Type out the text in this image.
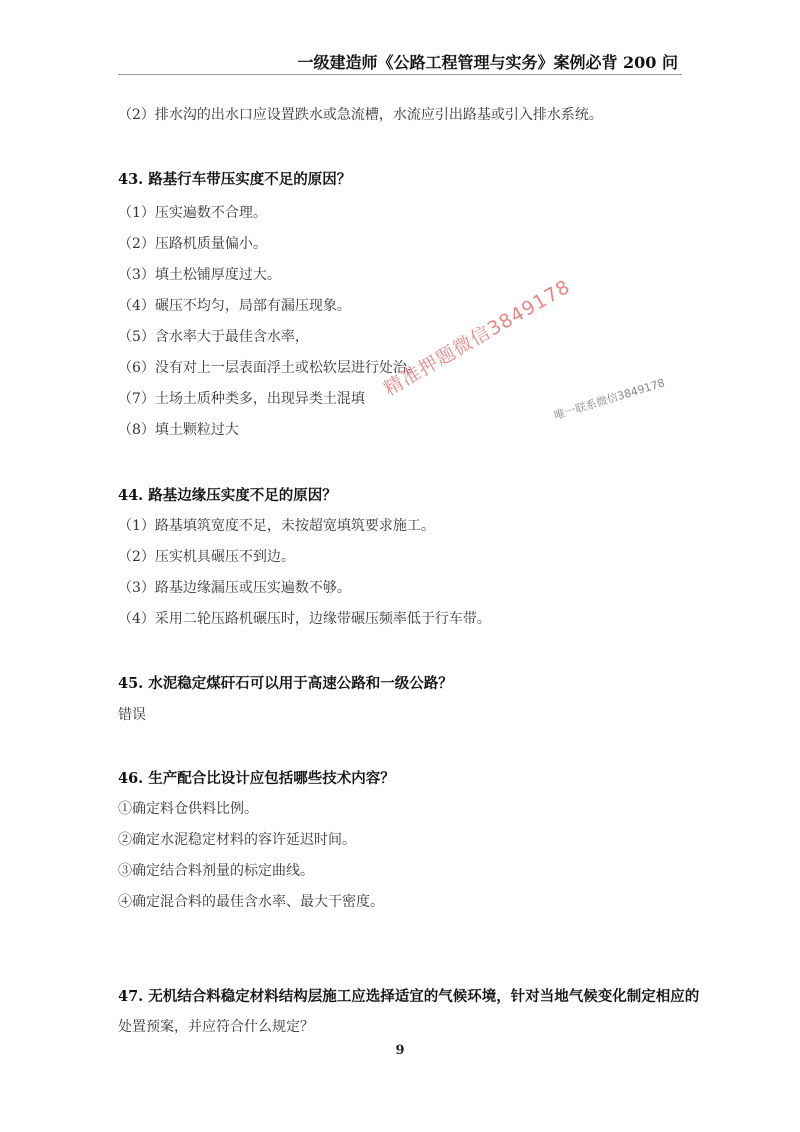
一级建造师《公路工程管理与实务》案例必背 200 问
（2）排水沟的出水口应设置跌水或急流槽，水流应引出路基或引入排水系统。
43. 路基行车带压实度不足的原因？
（1）压实遍数不合理。
（2）压路机质量偏小。
（3）填土松铺厚度过大。
（4）碾压不均匀，局部有漏压现象。
（5）含水率大于最佳含水率，
（6）没有对上一层表面浮土或松软层进行处治。
（7）土场土质种类多，出现异类土混填
（8）填土颗粒过大
44. 路基边缘压实度不足的原因？
（1）路基填筑宽度不足，未按超宽填筑要求施工。
（2）压实机具碾压不到边。
（3）路基边缘漏压或压实遍数不够。
（4）采用二轮压路机碾压时，边缘带碾压频率低于行车带。
45. 水泥稳定煤矸石可以用于高速公路和一级公路？
错误
46. 生产配合比设计应包括哪些技术内容？
①确定料仓供料比例。
②确定水泥稳定材料的容许延迟时间。
③确定结合料剂量的标定曲线。
④确定混合料的最佳含水率、最大干密度。
47. 无机结合料稳定材料结构层施工应选择适宜的气候环境，针对当地气候变化制定相应的
处置预案，并应符合什么规定？
9
精准押题微信3849178
唯一联系微信3849178
